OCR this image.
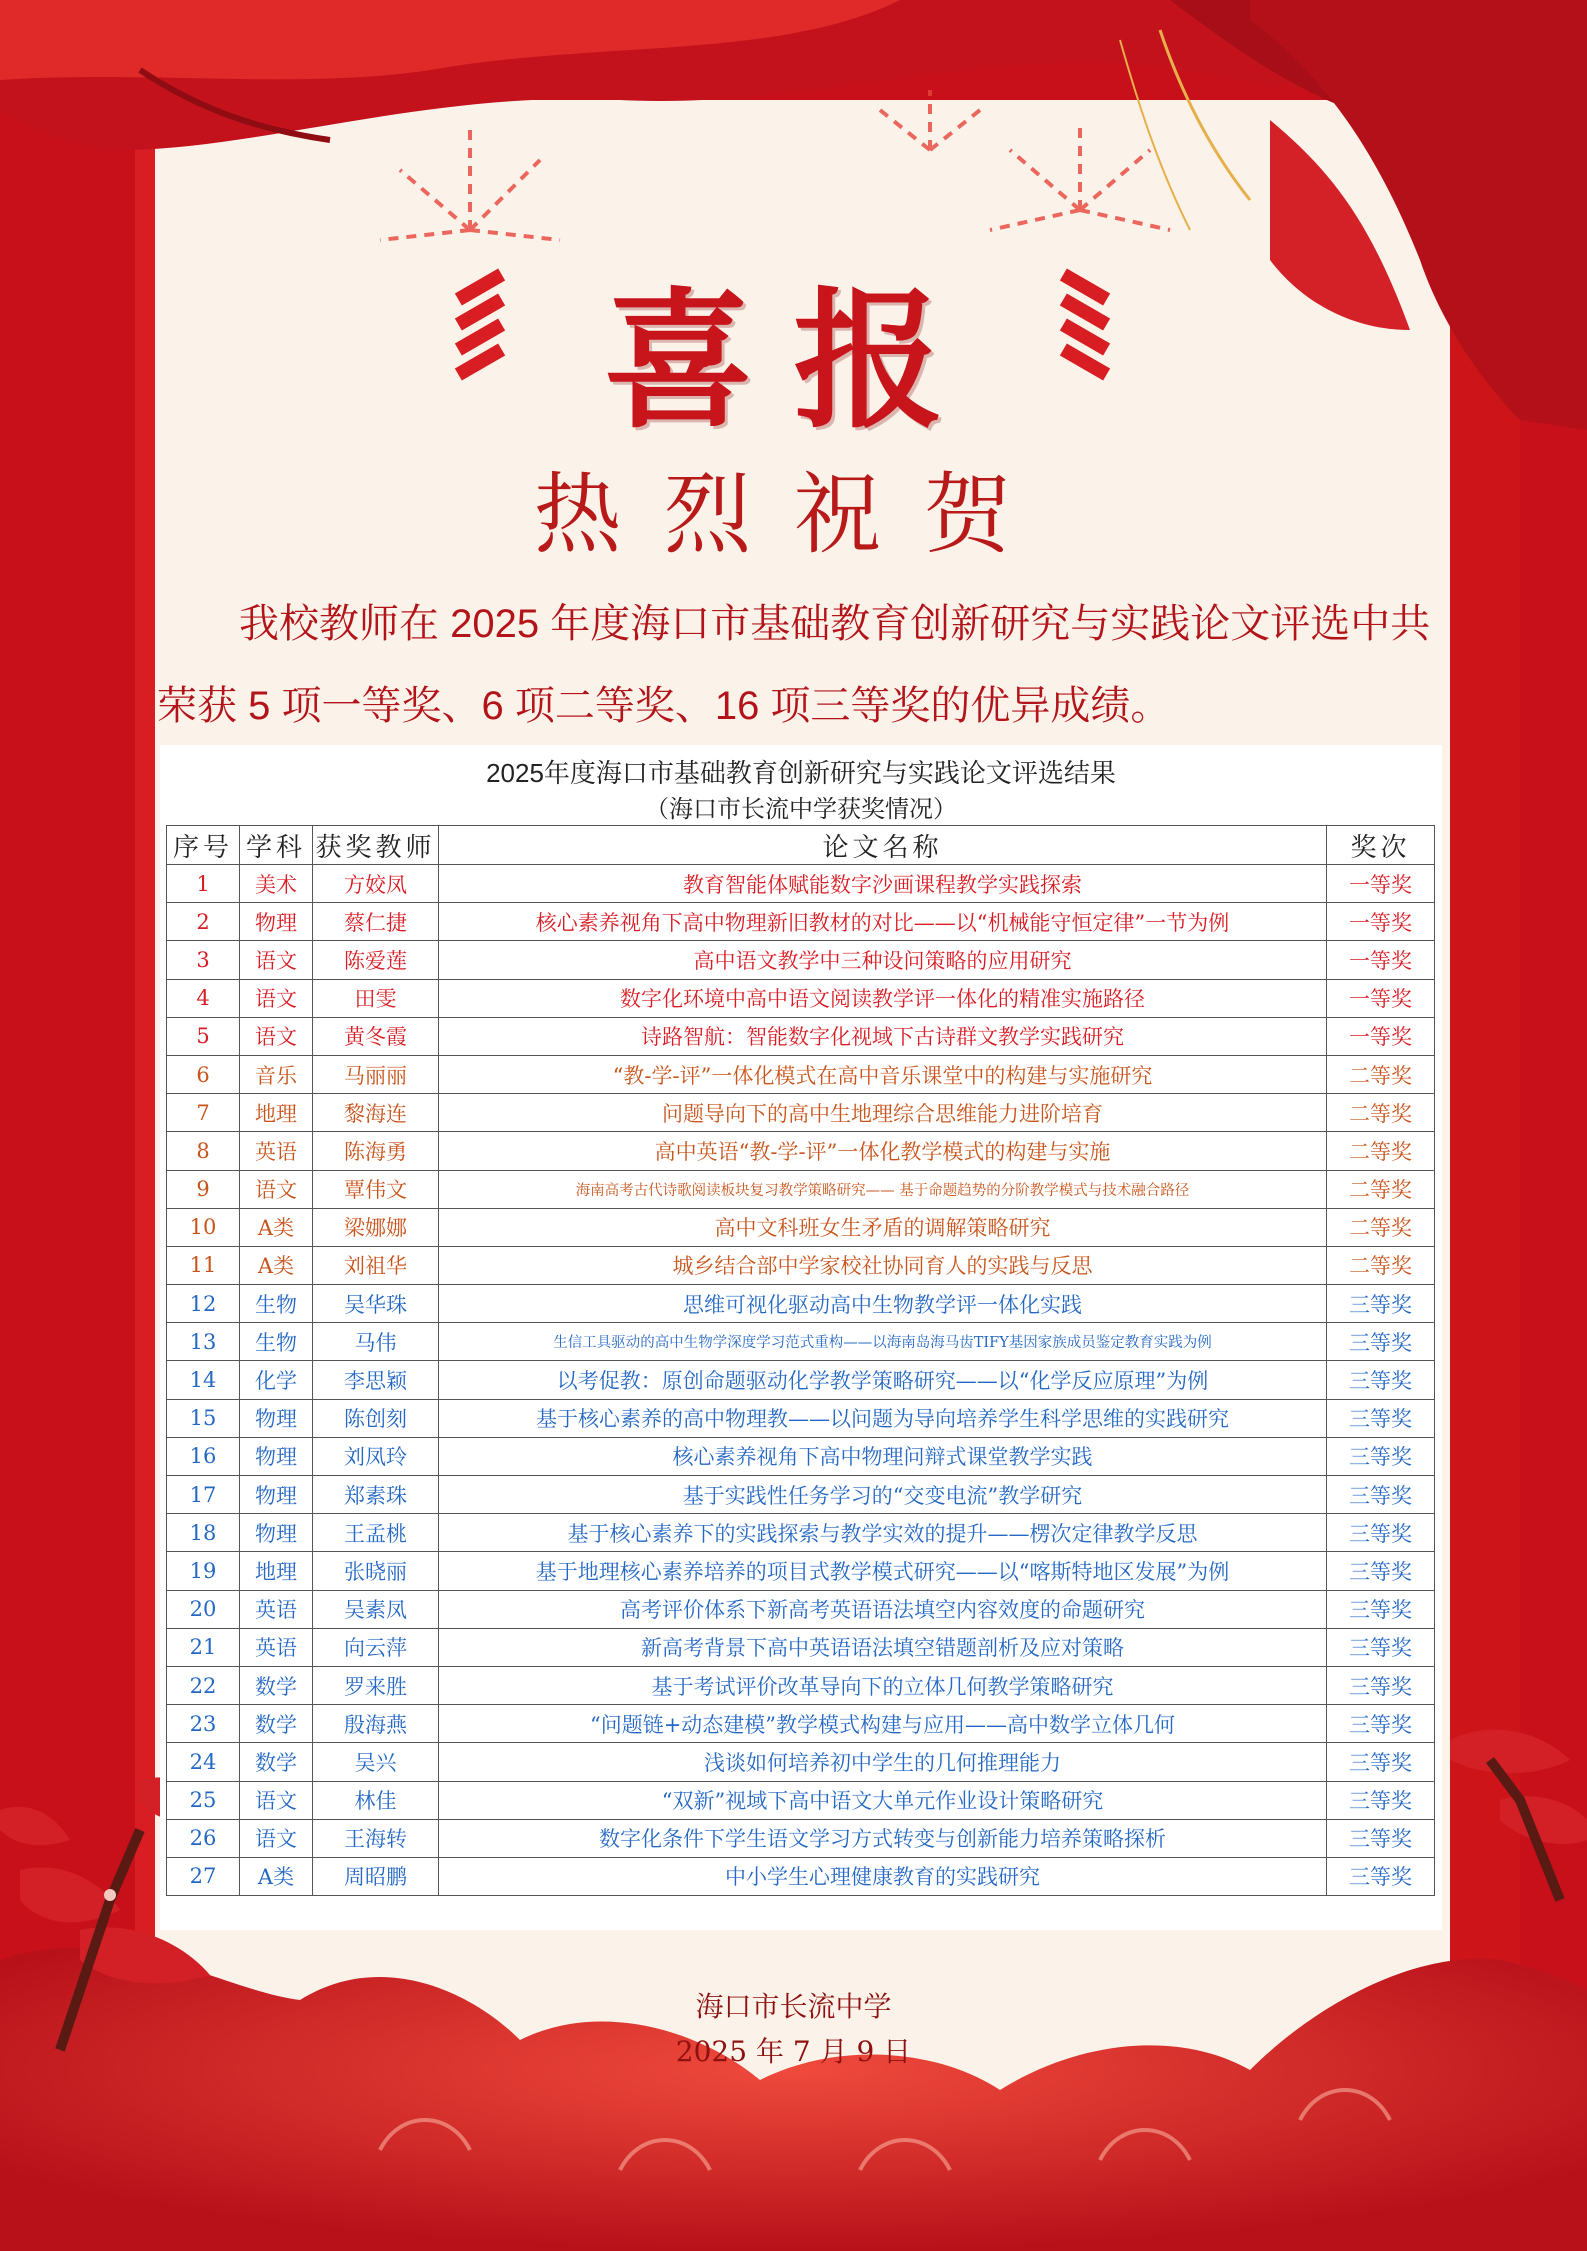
喜报
热烈祝贺
我校教师在 2025 年度海口市基础教育创新研究与实践论文评选中共
荣获 5 项一等奖、6 项二等奖、16 项三等奖的优异成绩。
2025年度海口市基础教育创新研究与实践论文评选结果
（海口市长流中学获奖情况）
序号	学科	获奖教师	论文名称	奖次
1	美术	方姣凤	教育智能体赋能数字沙画课程教学实践探索	一等奖
2	物理	蔡仁捷	核心素养视角下高中物理新旧教材的对比——以“机械能守恒定律”一节为例	一等奖
3	语文	陈爱莲	高中语文教学中三种设问策略的应用研究	一等奖
4	语文	田雯	数字化环境中高中语文阅读教学评一体化的精准实施路径	一等奖
5	语文	黄冬霞	诗路智航：智能数字化视域下古诗群文教学实践研究	一等奖
6	音乐	马丽丽	“教-学-评”一体化模式在高中音乐课堂中的构建与实施研究	二等奖
7	地理	黎海连	问题导向下的高中生地理综合思维能力进阶培育	二等奖
8	英语	陈海勇	高中英语“教-学-评”一体化教学模式的构建与实施	二等奖
9	语文	覃伟文	海南高考古代诗歌阅读板块复习教学策略研究—— 基于命题趋势的分阶教学模式与技术融合路径	二等奖
10	A类	梁娜娜	高中文科班女生矛盾的调解策略研究	二等奖
11	A类	刘祖华	城乡结合部中学家校社协同育人的实践与反思	二等奖
12	生物	吴华珠	思维可视化驱动高中生物教学评一体化实践	三等奖
13	生物	马伟	生信工具驱动的高中生物学深度学习范式重构——以海南岛海马齿TIFY基因家族成员鉴定教育实践为例	三等奖
14	化学	李思颖	以考促教：原创命题驱动化学教学策略研究——以“化学反应原理”为例	三等奖
15	物理	陈创刻	基于核心素养的高中物理教——以问题为导向培养学生科学思维的实践研究	三等奖
16	物理	刘凤玲	核心素养视角下高中物理问辩式课堂教学实践	三等奖
17	物理	郑素珠	基于实践性任务学习的“交变电流”教学研究	三等奖
18	物理	王孟桃	基于核心素养下的实践探索与教学实效的提升——楞次定律教学反思	三等奖
19	地理	张晓丽	基于地理核心素养培养的项目式教学模式研究——以“喀斯特地区发展”为例	三等奖
20	英语	吴素凤	高考评价体系下新高考英语语法填空内容效度的命题研究	三等奖
21	英语	向云萍	新高考背景下高中英语语法填空错题剖析及应对策略	三等奖
22	数学	罗来胜	基于考试评价改革导向下的立体几何教学策略研究	三等奖
23	数学	殷海燕	“问题链+动态建模”教学模式构建与应用——高中数学立体几何	三等奖
24	数学	吴兴	浅谈如何培养初中学生的几何推理能力	三等奖
25	语文	林佳	“双新”视域下高中语文大单元作业设计策略研究	三等奖
26	语文	王海转	数字化条件下学生语文学习方式转变与创新能力培养策略探析	三等奖
27	A类	周昭鹏	中小学生心理健康教育的实践研究	三等奖
海口市长流中学
2025 年 7 月 9 日
